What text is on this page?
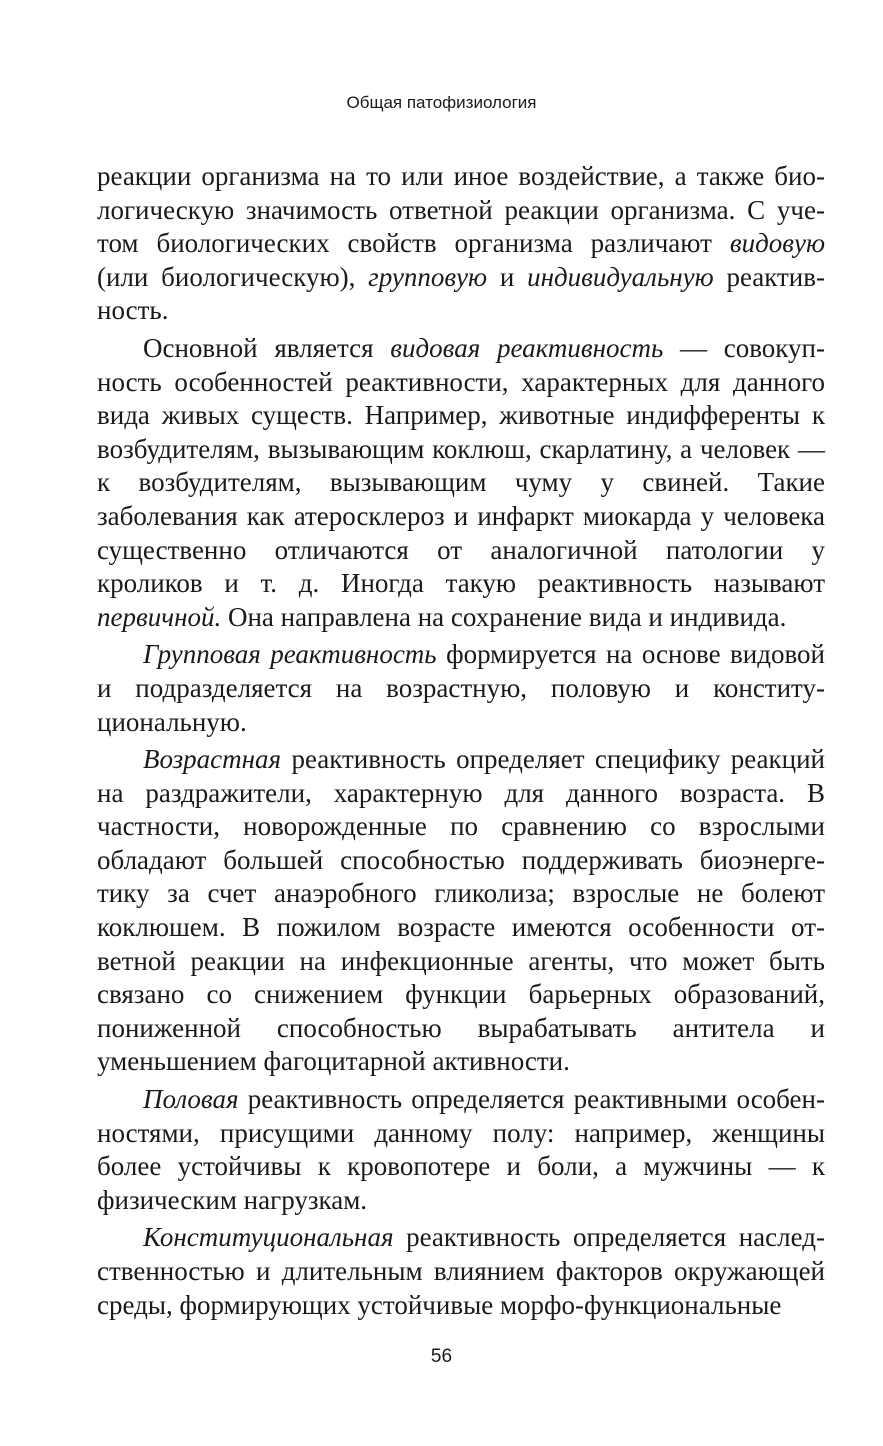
Общая патофизиология

реакции организма на то или иное воздействие, а также биологическую значимость ответной реакции организма. С учетом биологических свойств организма различают видовую (или биологическую), групповую и индивидуальную реактивность.

Основной является видовая реактивность — совокупность особенностей реактивности, характерных для данного вида живых существ. Например, животные индифференты к возбудителям, вызывающим коклюш, скарлатину, а человек — к возбудителям, вызывающим чуму у свиней. Такие заболевания как атеросклероз и инфаркт миокарда у человека существенно отличаются от аналогичной патологии у кроликов и т. д. Иногда такую реактивность называют первичной. Она направлена на сохранение вида и индивида.

Групповая реактивность формируется на основе видовой и подразделяется на возрастную, половую и конституциональную.

Возрастная реактивность определяет специфику реакций на раздражители, характерную для данного возраста. В частности, новорожденные по сравнению со взрослыми обладают большей способностью поддерживать биоэнергетику за счет анаэробного гликолиза; взрослые не болеют коклюшем. В пожилом возрасте имеются особенности ответной реакции на инфекционные агенты, что может быть связано со снижением функции барьерных образований, пониженной способностью вырабатывать антитела и уменьшением фагоцитарной активности.

Половая реактивность определяется реактивными особенностями, присущими данному полу: например, женщины более устойчивы к кровопотере и боли, а мужчины — к физическим нагрузкам.

Конституциональная реактивность определяется наследственностью и длительным влиянием факторов окружающей среды, формирующих устойчивые морфо-функциональные

56
